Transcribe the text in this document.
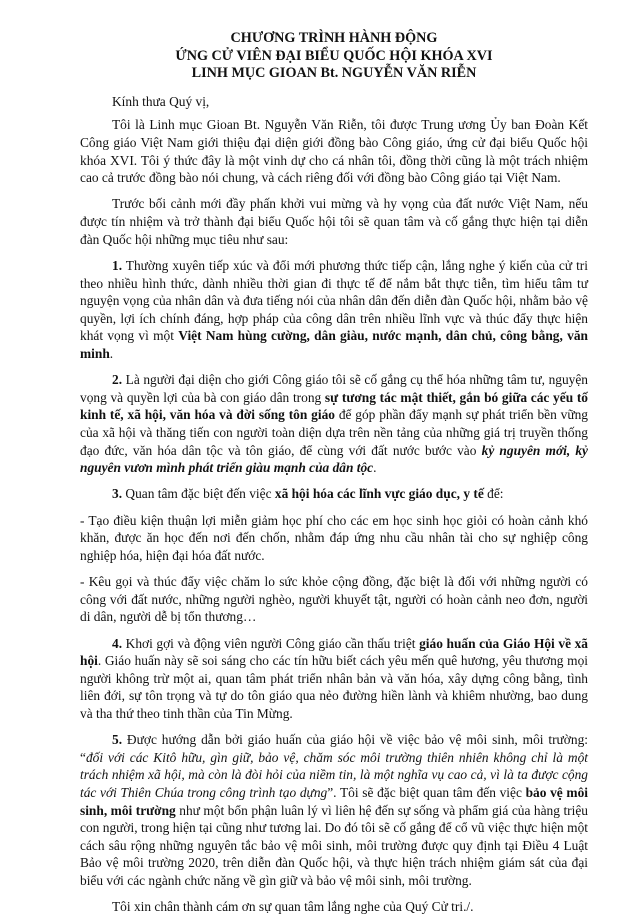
CHƯƠNG TRÌNH HÀNH ĐỘNG
ỨNG CỬ VIÊN ĐẠI BIỂU QUỐC HỘI KHÓA XVI
LINH MỤC GIOAN Bt. NGUYỄN VĂN RIỄN

Kính thưa Quý vị,

Tôi là Linh mục Gioan Bt. Nguyễn Văn Riễn, tôi được Trung ương Ủy ban Đoàn Kết Công giáo Việt Nam giới thiệu đại diện giới đồng bào Công giáo, ứng cử đại biểu Quốc hội khóa XVI. Tôi ý thức đây là một vinh dự cho cá nhân tôi, đồng thời cũng là một trách nhiệm cao cả trước đồng bào nói chung, và cách riêng đối với đồng bào Công giáo tại Việt Nam.

Trước bối cảnh mới đầy phấn khởi vui mừng và hy vọng của đất nước Việt Nam, nếu được tín nhiệm và trở thành đại biểu Quốc hội tôi sẽ quan tâm và cố gắng thực hiện tại diễn đàn Quốc hội những mục tiêu như sau:

1. Thường xuyên tiếp xúc và đổi mới phương thức tiếp cận, lắng nghe ý kiến của cử tri theo nhiều hình thức, dành nhiều thời gian đi thực tế để nắm bắt thực tiễn, tìm hiểu tâm tư nguyện vọng của nhân dân và đưa tiếng nói của nhân dân đến diễn đàn Quốc hội, nhằm bảo vệ quyền, lợi ích chính đáng, hợp pháp của công dân trên nhiều lĩnh vực và thúc đẩy thực hiện khát vọng vì một Việt Nam hùng cường, dân giàu, nước mạnh, dân chủ, công bằng, văn minh.

2. Là người đại diện cho giới Công giáo tôi sẽ cố gắng cụ thể hóa những tâm tư, nguyện vọng và quyền lợi của bà con giáo dân trong sự tương tác mật thiết, gắn bó giữa các yếu tố kinh tế, xã hội, văn hóa và đời sống tôn giáo để góp phần đẩy mạnh sự phát triển bền vững của xã hội và thăng tiến con người toàn diện dựa trên nền tảng của những giá trị truyền thống đạo đức, văn hóa dân tộc và tôn giáo, để cùng với đất nước bước vào kỷ nguyên mới, kỷ nguyên vươn mình phát triển giàu mạnh của dân tộc.

3. Quan tâm đặc biệt đến việc xã hội hóa các lĩnh vực giáo dục, y tế để:

- Tạo điều kiện thuận lợi miễn giảm học phí cho các em học sinh học giỏi có hoàn cảnh khó khăn, được ăn học đến nơi đến chốn, nhằm đáp ứng nhu cầu nhân tài cho sự nghiệp công nghiệp hóa, hiện đại hóa đất nước.

- Kêu gọi và thúc đẩy việc chăm lo sức khỏe cộng đồng, đặc biệt là đối với những người có công với đất nước, những người nghèo, người khuyết tật, người có hoàn cảnh neo đơn, người di dân, người dễ bị tổn thương…

4. Khơi gợi và động viên người Công giáo cần thấu triệt giáo huấn của Giáo Hội về xã hội. Giáo huấn này sẽ soi sáng cho các tín hữu biết cách yêu mến quê hương, yêu thương mọi người không trừ một ai, quan tâm phát triển nhân bản và văn hóa, xây dựng công bằng, tình liên đới, sự tôn trọng và tự do tôn giáo qua nẻo đường hiền lành và khiêm nhường, bao dung và tha thứ theo tinh thần của Tin Mừng.

5. Được hướng dẫn bởi giáo huấn của giáo hội về việc bảo vệ môi sinh, môi trường: “đối với các Kitô hữu, gìn giữ, bảo vệ, chăm sóc môi trường thiên nhiên không chỉ là một trách nhiệm xã hội, mà còn là đòi hỏi của niềm tin, là một nghĩa vụ cao cả, vì là ta được cộng tác với Thiên Chúa trong công trình tạo dựng”. Tôi sẽ đặc biệt quan tâm đến việc bảo vệ môi sinh, môi trường như một bổn phận luân lý vì liên hệ đến sự sống và phẩm giá của hàng triệu con người, trong hiện tại cũng như tương lai. Do đó tôi sẽ cố gắng để cổ vũ việc thực hiện một cách sâu rộng những nguyên tắc bảo vệ môi sinh, môi trường được quy định tại Điều 4 Luật Bảo vệ môi trường 2020, trên diễn đàn Quốc hội, và thực hiện trách nhiệm giám sát của đại biểu với các ngành chức năng về gìn giữ và bảo vệ môi sinh, môi trường.

Tôi xin chân thành cám ơn sự quan tâm lắng nghe của Quý Cử tri./.
